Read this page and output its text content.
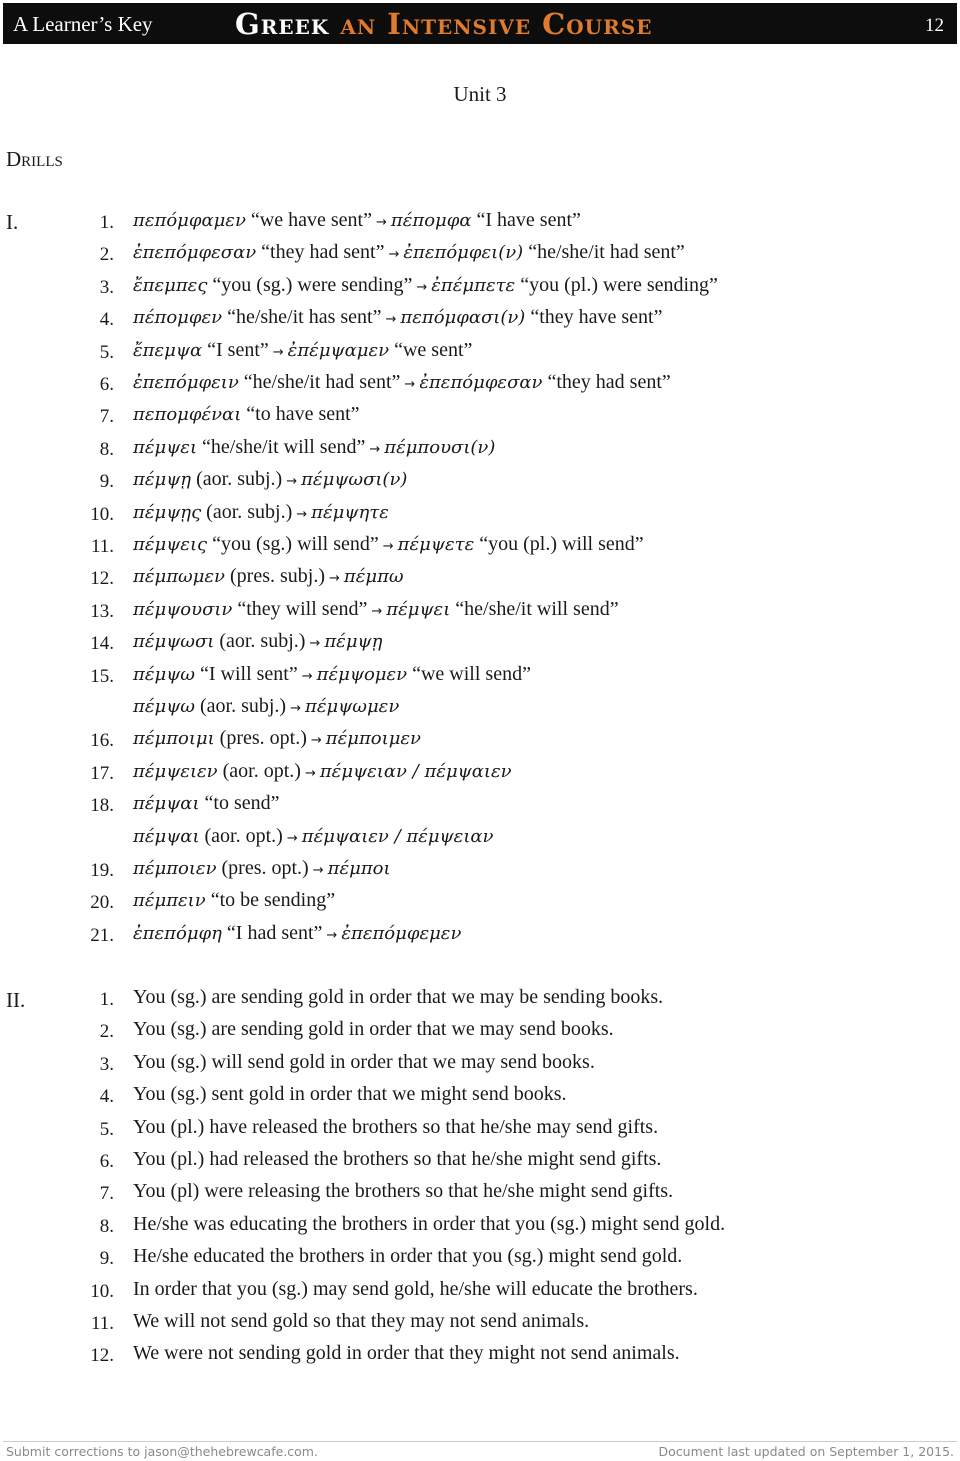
A Learner’s Key	Greek an Intensive Course	12
Unit 3
Drills
I.	1. πεπόμφαμεν “we have sent” → πέπομφα “I have sent”
2. ἐπεπόμφεσαν “they had sent” → ἐπεπόμφει(ν) “he/she/it had sent”
3. ἔπεμπες “you (sg.) were sending” → ἐπέμπετε “you (pl.) were sending”
4. πέπομφεν “he/she/it has sent” → πεπόμφασι(ν) “they have sent”
5. ἔπεμψα “I sent” → ἐπέμψαμεν “we sent”
6. ἐπεπόμφειν “he/she/it had sent” → ἐπεπόμφεσαν “they had sent”
7. πεπομφέναι “to have sent”
8. πέμψει “he/she/it will send” → πέμπουσι(ν)
9. πέμψῃ (aor. subj.) → πέμψωσι(ν)
10. πέμψῃς (aor. subj.) → πέμψητε
11. πέμψεις “you (sg.) will send” → πέμψετε “you (pl.) will send”
12. πέμπωμεν (pres. subj.) → πέμπω
13. πέμψουσιν “they will send” → πέμψει “he/she/it will send”
14. πέμψωσι (aor. subj.) → πέμψῃ
15. πέμψω “I will sent” → πέμψομεν “we will send”
πέμψω (aor. subj.) → πέμψωμεν
16. πέμποιμι (pres. opt.) → πέμποιμεν
17. πέμψειεν (aor. opt.) → πέμψειαν / πέμψαιεν
18. πέμψαι “to send”
πέμψαι (aor. opt.) → πέμψαιεν / πέμψειαν
19. πέμποιεν (pres. opt.) → πέμποι
20. πέμπειν “to be sending”
21. ἐπεπόμφη “I had sent” → ἐπεπόμφεμεν
II.	1. You (sg.) are sending gold in order that we may be sending books.
2. You (sg.) are sending gold in order that we may send books.
3. You (sg.) will send gold in order that we may send books.
4. You (sg.) sent gold in order that we might send books.
5. You (pl.) have released the brothers so that he/she may send gifts.
6. You (pl.) had released the brothers so that he/she might send gifts.
7. You (pl) were releasing the brothers so that he/she might send gifts.
8. He/she was educating the brothers in order that you (sg.) might send gold.
9. He/she educated the brothers in order that you (sg.) might send gold.
10. In order that you (sg.) may send gold, he/she will educate the brothers.
11. We will not send gold so that they may not send animals.
12. We were not sending gold in order that they might not send animals.
Submit corrections to jason@thehebrewcafe.com.	Document last updated on September 1, 2015.
